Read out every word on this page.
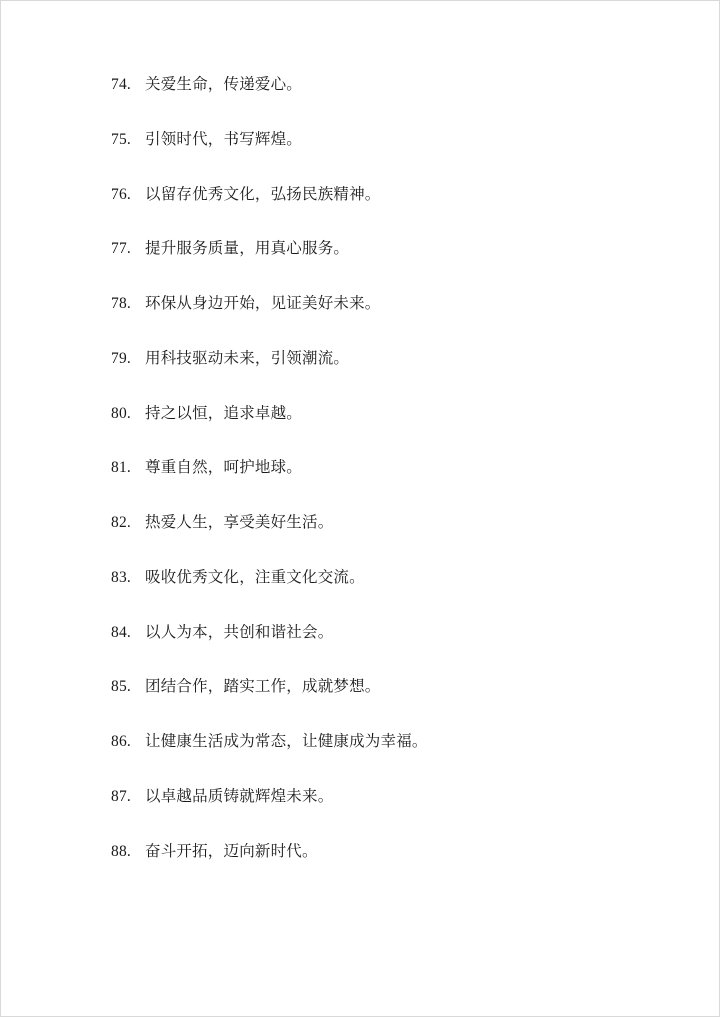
74. 关爱生命，传递爱心。
75. 引领时代，书写辉煌。
76. 以留存优秀文化，弘扬民族精神。
77. 提升服务质量，用真心服务。
78. 环保从身边开始，见证美好未来。
79. 用科技驱动未来，引领潮流。
80. 持之以恒，追求卓越。
81. 尊重自然，呵护地球。
82. 热爱人生，享受美好生活。
83. 吸收优秀文化，注重文化交流。
84. 以人为本，共创和谐社会。
85. 团结合作，踏实工作，成就梦想。
86. 让健康生活成为常态，让健康成为幸福。
87. 以卓越品质铸就辉煌未来。
88. 奋斗开拓，迈向新时代。
